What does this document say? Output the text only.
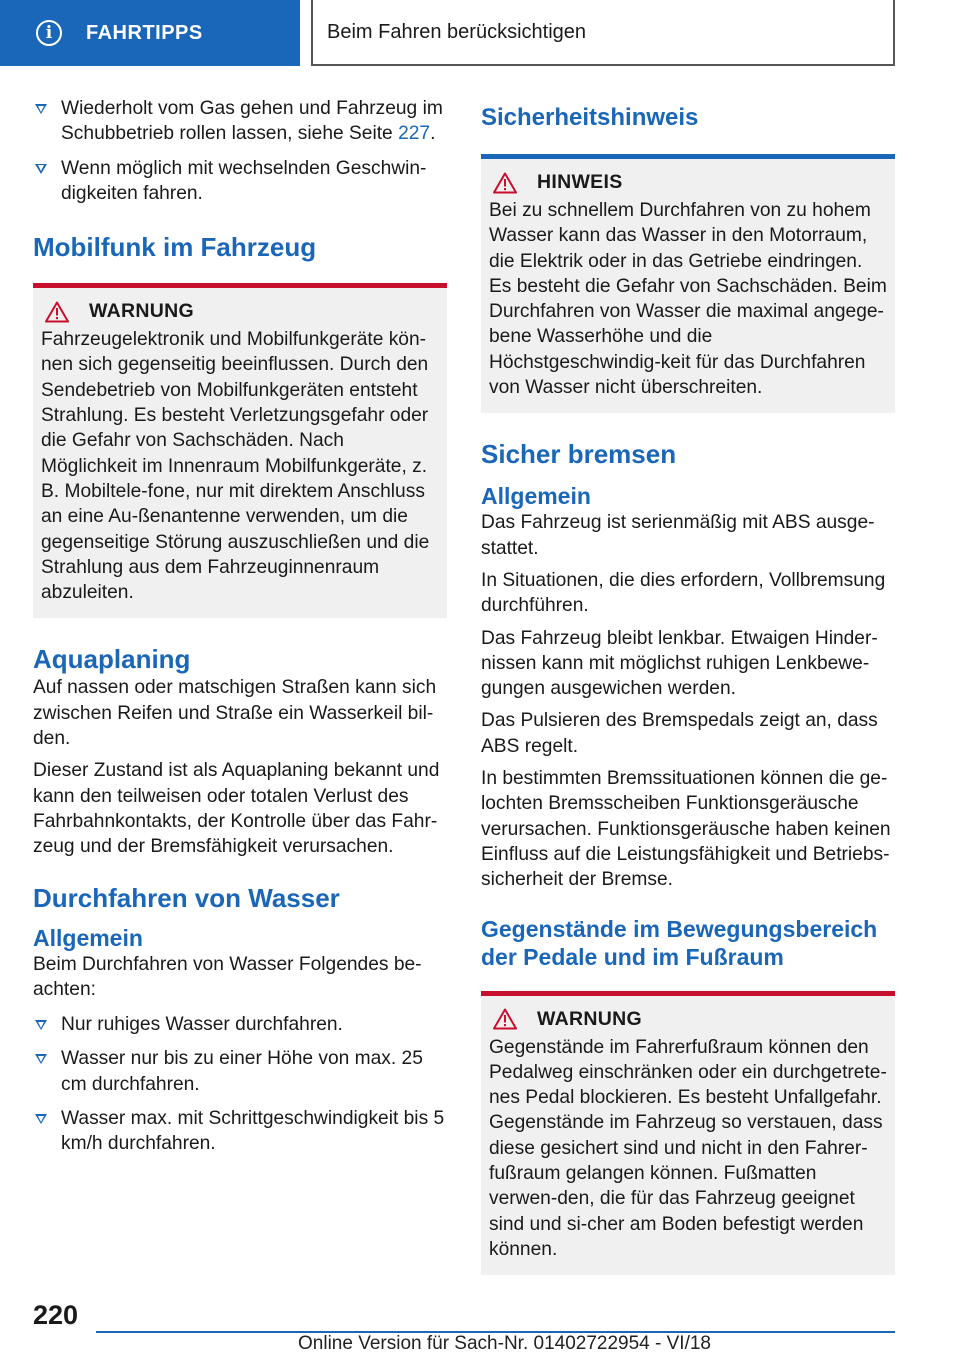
i	FAHRTIPPS	Beim Fahren berücksichtigen
Wiederholt vom Gas gehen und Fahrzeug im Schubbetrieb rollen lassen, siehe Seite 227.
Wenn möglich mit wechselnden Geschwin-digkeiten fahren.
Mobilfunk im Fahrzeug
WARNUNG

Fahrzeugelektronik und Mobilfunkgeräte kön-nen sich gegenseitig beeinflussen. Durch den Sendebetrieb von Mobilfunkgeräten entsteht Strahlung. Es besteht Verletzungsgefahr oder die Gefahr von Sachschäden. Nach Möglichkeit im Innenraum Mobilfunkgeräte, z. B. Mobiltele-fone, nur mit direktem Anschluss an eine Au-ßenantenne verwenden, um die gegenseitige Störung auszuschließen und die Strahlung aus dem Fahrzeuginnenraum abzuleiten.

Aquaplaning

Auf nassen oder matschigen Straßen kann sich zwischen Reifen und Straße ein Wasserkeil bil-den.

Dieser Zustand ist als Aquaplaning bekannt und kann den teilweisen oder totalen Verlust des Fahrbahnkontakts, der Kontrolle über das Fahr-zeug und der Bremsfähigkeit verursachen.

Durchfahren von Wasser
Allgemein

Beim Durchfahren von Wasser Folgendes be-achten:

Nur ruhiges Wasser durchfahren.
Wasser nur bis zu einer Höhe von max. 25 cm durchfahren.
Wasser max. mit Schrittgeschwindigkeit bis 5 km/h durchfahren.
Sicherheitshinweis
HINWEIS

Bei zu schnellem Durchfahren von zu hohem Wasser kann das Wasser in den Motorraum, die Elektrik oder in das Getriebe eindringen. Es besteht die Gefahr von Sachschäden. Beim Durchfahren von Wasser die maximal angege-bene Wasserhöhe und die Höchstgeschwindig-keit für das Durchfahren von Wasser nicht überschreiten.

Sicher bremsen
Allgemein

Das Fahrzeug ist serienmäßig mit ABS ausge-stattet.

In Situationen, die dies erfordern, Vollbremsung durchführen.

Das Fahrzeug bleibt lenkbar. Etwaigen Hinder-nissen kann mit möglichst ruhigen Lenkbewe-gungen ausgewichen werden.

Das Pulsieren des Bremspedals zeigt an, dass ABS regelt.

In bestimmten Bremssituationen können die ge-lochten Bremsscheiben Funktionsgeräusche verursachen. Funktionsgeräusche haben keinen Einfluss auf die Leistungsfähigkeit und Betriebs-sicherheit der Bremse.

Gegenstände im Bewegungsbereich der Pedale und im Fußraum
WARNUNG

Gegenstände im Fahrerfußraum können den Pedalweg einschränken oder ein durchgetrete-nes Pedal blockieren. Es besteht Unfallgefahr. Gegenstände im Fahrzeug so verstauen, dass diese gesichert sind und nicht in den Fahrer-fußraum gelangen können. Fußmatten verwen-den, die für das Fahrzeug geeignet sind und si-cher am Boden befestigt werden können.

220
Online Version für Sach-Nr. 01402722954 - VI/18
